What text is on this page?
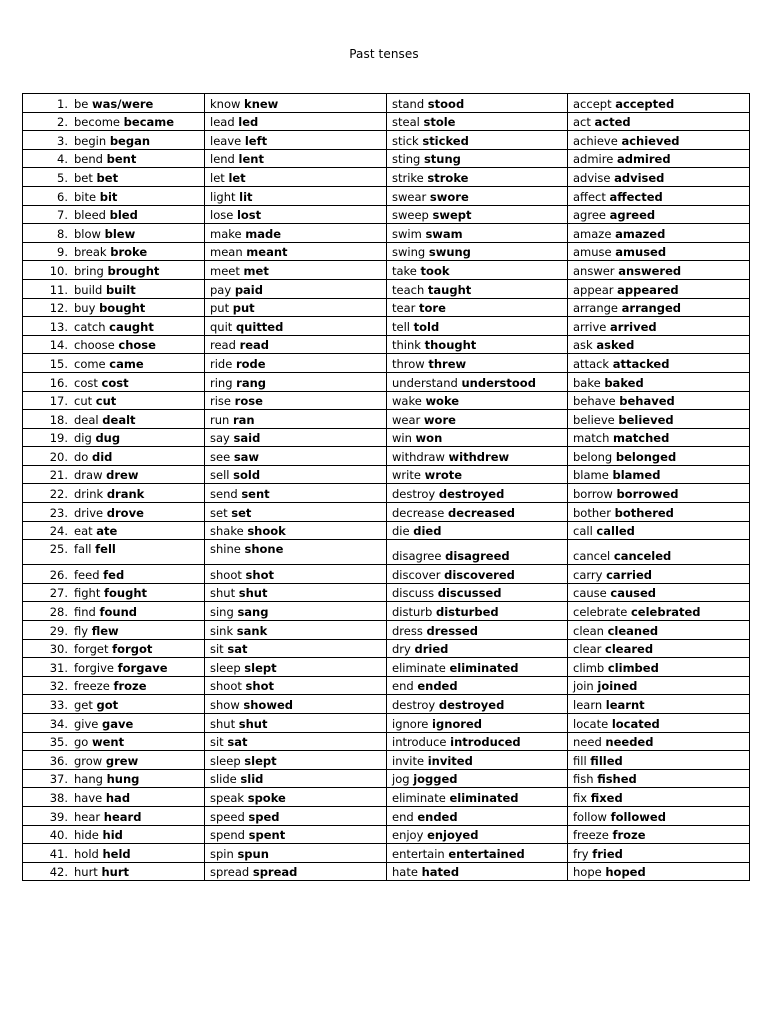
Past tenses
1. be was/were	know knew	stand stood	accept accepted
2. become became	lead led	steal stole	act acted
3. begin began	leave left	stick sticked	achieve achieved
4. bend bent	lend lent	sting stung	admire admired
5. bet bet	let let	strike stroke	advise advised
6. bite bit	light lit	swear swore	affect affected
7. bleed bled	lose lost	sweep swept	agree agreed
8. blow blew	make made	swim swam	amaze amazed
9. break broke	mean meant	swing swung	amuse amused
10. bring brought	meet met	take took	answer answered
11. build built	pay paid	teach taught	appear appeared
12. buy bought	put put	tear tore	arrange arranged
13. catch caught	quit quitted	tell told	arrive arrived
14. choose chose	read read	think thought	ask asked
15. come came	ride rode	throw threw	attack attacked
16. cost cost	ring rang	understand understood	bake baked
17. cut cut	rise rose	wake woke	behave behaved
18. deal dealt	run ran	wear wore	believe believed
19. dig dug	say said	win won	match matched
20. do did	see saw	withdraw withdrew	belong belonged
21. draw drew	sell sold	write wrote	blame blamed
22. drink drank	send sent	destroy destroyed	borrow borrowed
23. drive drove	set set	decrease decreased	bother bothered
24. eat ate	shake shook	die died	call called
25. fall fell	shine shone	disagree disagreed	cancel canceled
26. feed fed	shoot shot	discover discovered	carry carried
27. fight fought	shut shut	discuss discussed	cause caused
28. find found	sing sang	disturb disturbed	celebrate celebrated
29. fly flew	sink sank	dress dressed	clean cleaned
30. forget forgot	sit sat	dry dried	clear cleared
31. forgive forgave	sleep slept	eliminate eliminated	climb climbed
32. freeze froze	shoot shot	end ended	join joined
33. get got	show showed	destroy destroyed	learn learnt
34. give gave	shut shut	ignore ignored	locate located
35. go went	sit sat	introduce introduced	need needed
36. grow grew	sleep slept	invite invited	fill filled
37. hang hung	slide slid	jog jogged	fish fished
38. have had	speak spoke	eliminate eliminated	fix fixed
39. hear heard	speed sped	end ended	follow followed
40. hide hid	spend spent	enjoy enjoyed	freeze froze
41. hold held	spin spun	entertain entertained	fry fried
42. hurt hurt	spread spread	hate hated	hope hoped
